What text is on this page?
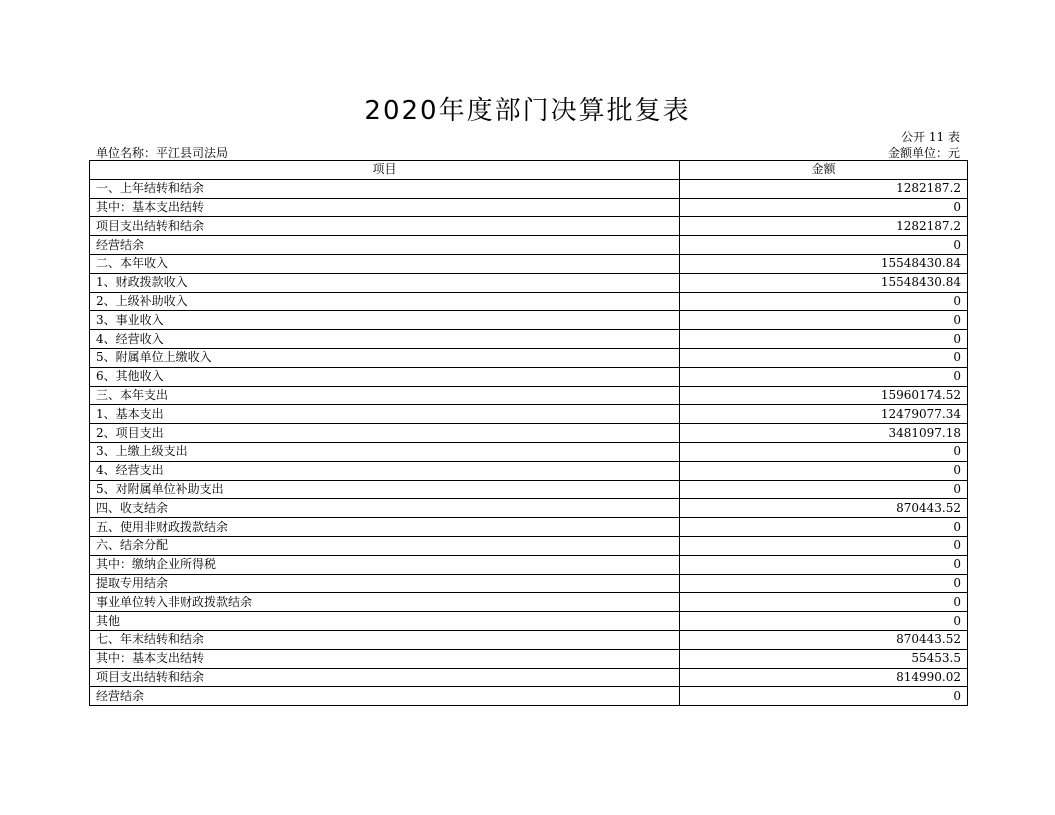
2020年度部门决算批复表
公开 11 表
单位名称：平江县司法局	金额单位：元
项目	金额
一、上年结转和结余	1282187.2
其中：基本支出结转	0
项目支出结转和结余	1282187.2
经营结余	0
二、本年收入	15548430.84
1、财政拨款收入	15548430.84
2、上级补助收入	0
3、事业收入	0
4、经营收入	0
5、附属单位上缴收入	0
6、其他收入	0
三、本年支出	15960174.52
1、基本支出	12479077.34
2、项目支出	3481097.18
3、上缴上级支出	0
4、经营支出	0
5、对附属单位补助支出	0
四、收支结余	870443.52
五、使用非财政拨款结余	0
六、结余分配	0
其中：缴纳企业所得税	0
提取专用结余	0
事业单位转入非财政拨款结余	0
其他	0
七、年末结转和结余	870443.52
其中：基本支出结转	55453.5
项目支出结转和结余	814990.02
经营结余	0
